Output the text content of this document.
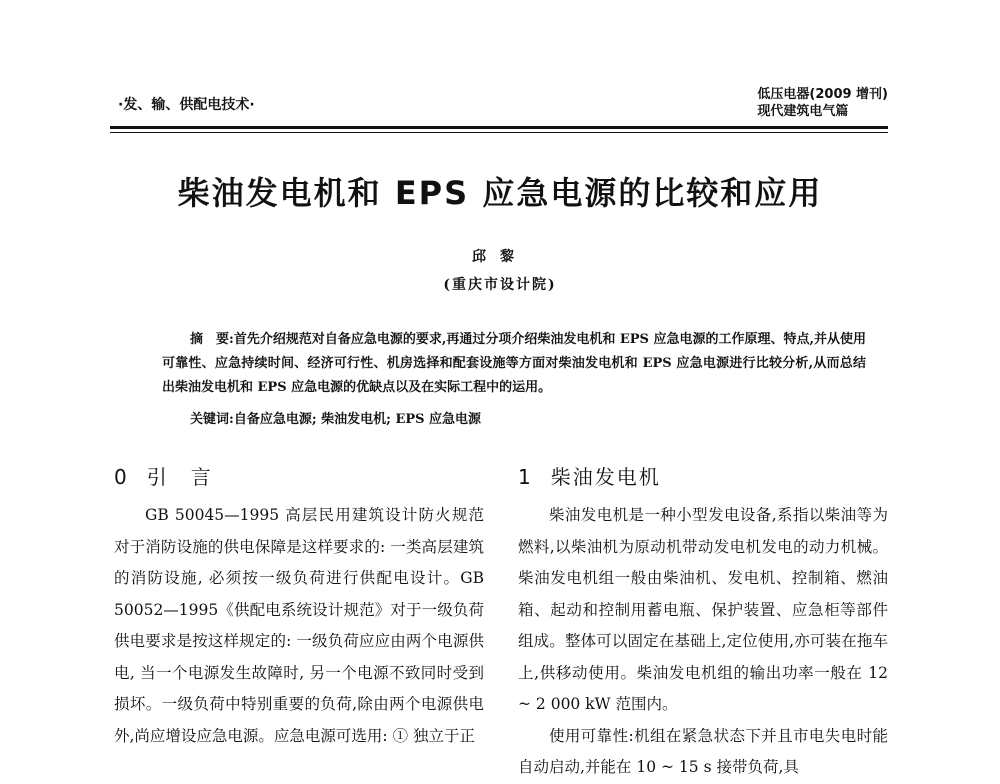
·发、输、供配电技术·
低压电器(2009 增刊)
现代建筑电气篇
柴油发电机和 EPS 应急电源的比较和应用
邱黎
(重庆市设计院)
摘　要:首先介绍规范对自备应急电源的要求,再通过分项介绍柴油发电机和 EPS 应急电源的工作原理、特点,并从使用可靠性、应急持续时间、经济可行性、机房选择和配套设施等方面对柴油发电机和 EPS 应急电源进行比较分析,从而总结出柴油发电机和 EPS 应急电源的优缺点以及在实际工程中的运用。
关键词:自备应急电源; 柴油发电机; EPS 应急电源
0 引　言	1 柴油发电机

GB 50045—1995 高层民用建筑设计防火规范对于消防设施的供电保障是这样要求的: 一类高层建筑的消防设施, 必须按一级负荷进行供配电设计。GB 50052—1995《供配电系统设计规范》对于一级负荷供电要求是按这样规定的: 一级负荷应应由两个电源供电, 当一个电源发生故障时, 另一个电源不致同时受到损坏。一级负荷中特别重要的负荷,除由两个电源供电外,尚应增设应急电源。应急电源可选用: ① 独立于正

柴油发电机是一种小型发电设备,系指以柴油等为燃料,以柴油机为原动机带动发电机发电的动力机械。柴油发电机组一般由柴油机、发电机、控制箱、燃油箱、起动和控制用蓄电瓶、保护装置、应急柜等部件组成。整体可以固定在基础上,定位使用,亦可装在拖车上,供移动使用。柴油发电机组的输出功率一般在 12 ~ 2 000 kW 范围内。

使用可靠性:机组在紧急状态下并且市电失电时能自动启动,并能在 10 ~ 15 s 接带负荷,具
